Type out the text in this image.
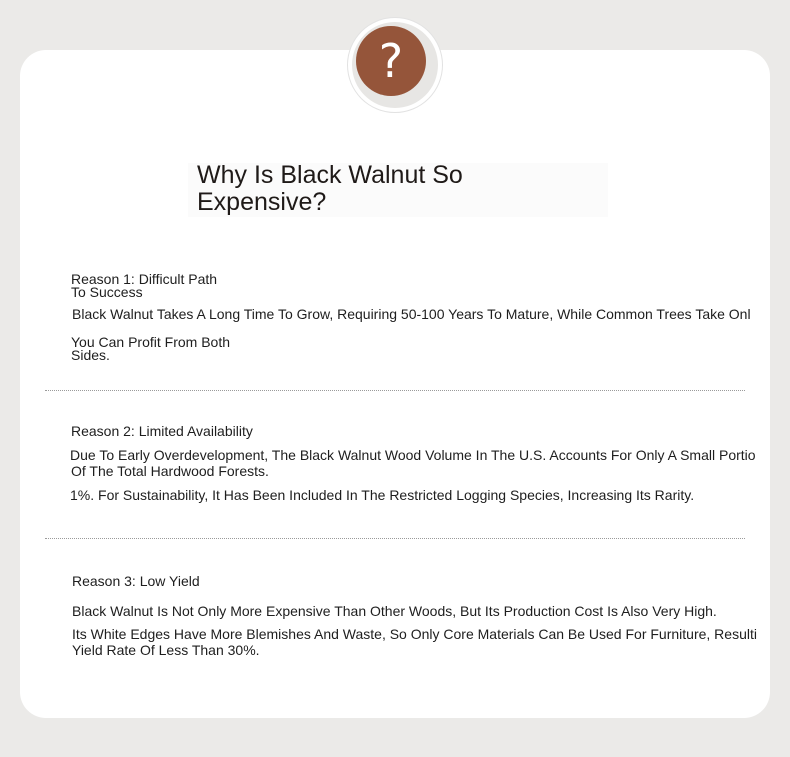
?
Why Is Black Walnut So
Expensive?
Reason 1: Difficult Path
To Success
Black Walnut Takes A Long Time To Grow, Requiring 50-100 Years To Mature, While Common Trees Take Onl
You Can Profit From Both
Sides.
Reason 2: Limited Availability
Due To Early Overdevelopment, The Black Walnut Wood Volume In The U.S. Accounts For Only A Small Portio
Of The Total Hardwood Forests.
1%. For Sustainability, It Has Been Included In The Restricted Logging Species, Increasing Its Rarity.
Reason 3: Low Yield
Black Walnut Is Not Only More Expensive Than Other Woods, But Its Production Cost Is Also Very High.
Its White Edges Have More Blemishes And Waste, So Only Core Materials Can Be Used For Furniture, Resulti
Yield Rate Of Less Than 30%.
